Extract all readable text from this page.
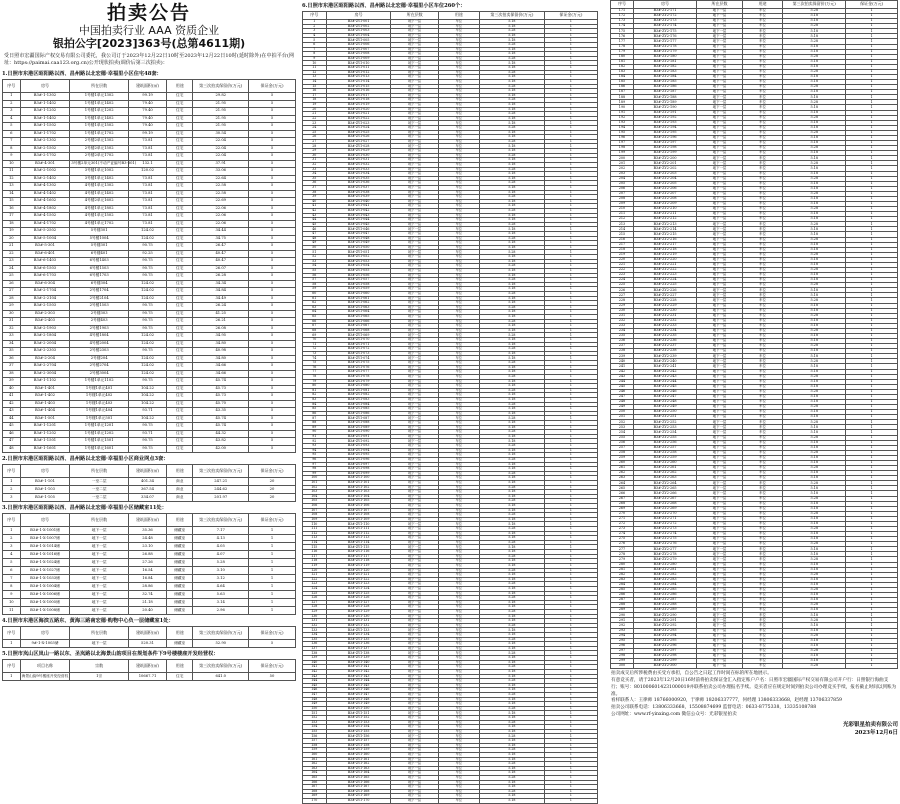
拍卖公告
中国拍卖行业 AAA 资质企业
银拍公字[2023]363号(总第4611期)
受日照市宏疆国际产权交易有限公司委托，我公司订于2023年12月22日10时至2023年12月22日10时(延时除外)在中拍平台(网址：https://paimai.caa123.org.cn)公开现状拍卖(调价后第三次拍卖)：
1.日照市东港区昭阳路以西、昌州路以北宏德·幸福里小区住宅48套：
序号	房号	所在层数	建筑面积(㎡)	用途	第三次拍卖保留价(万元)	保证金(万元)
1	B3#-1-1302	1号楼1单元1302	99.19	住宅	29.82	5
2	B3#-1-1402	1号楼1单元1402	79.40	住宅	21.95	5
3	B3#-1-1202	1号楼1单元1202	79.40	住宅	21.95	5
4	B3#-1-1402	1号楼1单元1402	79.40	住宅	21.95	5
5	B3#-1-1502	1号楼1单元1502	79.40	住宅	21.95	5
6	B3#-1-1702	1号楼1单元1702	99.19	住宅	30.54	5
7	B3#-2-1302	2号楼2单元1302	73.81	住宅	22.04	5
8	B3#-2-1502	2号楼2单元1502	73.81	住宅	22.04	5
9	B3#-2-1702	2号楼2单元1702	73.81	住宅	22.04	5
10	B3#-4-301	3号楼2单元301(不动产证编号B3-301)	132.1	住宅	37.91	5
11	B3#-2-1002	3号楼1单元1002	120.02	住宅	33.06	5
12	B3#-2-1402	3号楼1单元1402	73.81	住宅	22.64	5
13	B3#-4-1302	4号楼1单元1302	73.81	住宅	22.58	5
14	B3#-4-1402	4号楼1单元1402	73.81	住宅	22.58	5
15	B3#-4-1602	4号楼2单元1602	73.81	住宅	22.69	5
16	B3#-4-1802	4号楼1单元1802	73.81	住宅	22.06	5
17	B3#-4-1502	4号楼1单元1502	73.81	住宅	22.06	5
18	B3#-4-1702	4号楼1单元1702	73.81	住宅	22.06	5
19	B3#-5-2502	5号楼301	124.02	住宅	34.44	5
20	B3#-5-1004	5号楼1004	124.02	住宅	34.75	5
21	B3#-5-301	5号楼301	90.75	住宅	26.47	5
22	B3#-6-401	6号楼401	92.25	住宅	40.47	5
23	B3#-6-1403	6号楼1403	90.75	住宅	40.47	5
24	B3#-6-1503	6号楼1503	90.75	住宅	26.07	5
25	B3#-6-1703	6号楼1703	90.75	住宅	26.28	5
26	B3#-6-304	6号楼304	124.02	住宅	34.34	5
27	B3#-2-1704	2号楼1704	124.02	住宅	34.84	5
28	B3#-2-2104	2号楼2104	124.02	住宅	34.49	5
29	B3#-2-1503	2号楼1503	90.75	住宅	26.24	5
30	B3#-2-303	2号楼303	90.75	住宅	41.25	5
31	B3#-2-403	2号楼403	90.75	住宅	26.21	5
32	B3#-2-1903	2号楼1903	90.75	住宅	26.08	5
33	B3#-2-1804	4号楼1804	124.02	住宅	34.95	5
34	B3#-2-2004	4号楼2004	124.02	住宅	34.80	5
35	B3#-2-2303	2号楼2303	90.75	住宅	40.98	5
36	B3#-2-204	2号楼204	124.02	住宅	34.80	5
37	B3#-2-2704	2号楼2704	124.02	住宅	34.66	5
38	B3#-2-3004	2号楼3004	124.02	住宅	34.66	5
39	B3#-1-1102	1号楼1单元1102	90.75	住宅	45.74	5
40	B3#-1-401	1号楼1单元401	104.22	住宅	45.73	5
41	B3#-1-402	1号楼1单元402	104.22	住宅	45.73	5
42	B3#-1-403	1号楼1单元403	104.22	住宅	45.70	5
43	B3#-1-404	1号楼1单元404	93.71	住宅	43.35	5
44	B3#-1-501	1号楼1单元501	104.22	住宅	45.74	5
45	B3#-1-1201	1号楼1单元1201	90.75	住宅	45.74	5
46	B3#-1-1202	1号楼1单元1202	93.71	住宅	44.32	5
47	B3#-1-1501	1号楼1单元1501	90.75	住宅	43.82	5
48	B3#-1-1601	1号楼1单元1601	90.75	住宅	42.00	5
2.日照市东港区昭阳路以西、昌州路以北宏德·幸福里小区商业网点3套：
序号	房号	所在层数	建筑面积(㎡)	用途	第三次拍卖保留价(万元)	保证金(万元)
1	B3#-1-101	一至二层	401.34	商业	247.21	20
2	B3#-1-103	一至二层	367.54	商业	244.62	20
3	B3#-1-105	一至二层	334.07	商业	201.97	20
3.日照市东港区昭阳路以西、昌州路以北宏德·幸福里小区储藏室11处：
序号	房号	所在层数	建筑面积(㎡)	用途	第三次拍卖保留价(万元)	保证金(万元)
1	B3#-1-X-1001储	地下一层	35.36	储藏室	7.17	1
2	B3#-1-X-1007储	地下一层	24.48	储藏室	4.13	1
3	B3#-1-X-1014储	地下一层	23.10	储藏室	4.05	1
4	B3#-1-X-1016储	地下一层	26.88	储藏室	4.07	1
5	B3#-1-X-1024储	地下一层	27.26	储藏室	5.28	1
6	B3#-1-X-1027储	地下一层	16.54	储藏室	3.10	1
7	B3#-1-X-1033储	地下一层	16.84	储藏室	3.12	1
8	B3#-1-X-1004储	地下一层	28.86	储藏室	4.64	1
9	B3#-1-X-1006储	地下一层	32.74	储藏室	5.63	1
10	B3#-1-X-1005储	地下一层	21.18	储藏室	3.14	1
11	B3#-1-X-1008储	地下一层	20.40	储藏室	2.96	1
4.日照市东港区海滨五路东、黄海三路南宏德·购物中心负一层储藏室1处：
序号	房号	所在层数	建筑面积(㎡)	用途	第三次拍卖保留价(万元)	保证金(万元)
1	9#-1-X-1003储	地下一层	520.31	储藏室	52.90	5
5.日照市岚山区岚山一路以东、圣岚路以北海景山韵项目在规划条件下9号楼楼座开发经营权：
序号	项目名称	宗数	建筑面积(㎡)	用途	第三次拍卖保留价(万元)	保证金(万元)
1	海景山韵9号楼座开发经营权	1宗	10667.71	住宅	641.0	50
6.日照市东港区昭阳路以西、昌州路以北宏德·幸福里小区车位260个：
序号	房号	所在层数	用途	第三次拍卖保留价(万元)	保证金(万元)
1	B3#-ZY1-001	地下一层	车位	5.18	1
2	B3#-ZY1-002	地下一层	车位	5.18	1
3	B3#-ZY1-003	地下一层	车位	5.28	1
4	B3#-ZY1-004	地下一层	车位	5.18	1
5	B3#-ZY1-005	地下一层	车位	5.18	1
6	B3#-ZY1-006	地下一层	车位	5.28	1
7	B3#-ZY1-007	地下一层	车位	5.18	1
8	B3#-ZY1-008	地下一层	车位	5.18	1
9	B3#-ZY1-009	地下一层	车位	5.28	1
10	B3#-ZY1-010	地下一层	车位	5.18	1
11	B3#-ZY1-011	地下一层	车位	5.18	1
12	B3#-ZY1-012	地下一层	车位	5.28	1
13	B3#-ZY1-013	地下一层	车位	5.18	1
14	B3#-ZY1-014	地下一层	车位	5.18	1
15	B3#-ZY1-015	地下一层	车位	5.28	1
16	B3#-ZY1-016	地下一层	车位	5.18	1
17	B3#-ZY1-017	地下一层	车位	5.18	1
18	B3#-ZY1-018	地下一层	车位	5.28	1
19	B3#-ZY1-019	地下一层	车位	5.18	1
20	B3#-ZY1-020	地下一层	车位	5.18	1
21	B3#-ZY1-021	地下一层	车位	5.28	1
22	B3#-ZY1-022	地下一层	车位	5.18	1
23	B3#-ZY1-023	地下一层	车位	5.18	1
24	B3#-ZY1-024	地下一层	车位	5.28	1
25	B3#-ZY1-025	地下一层	车位	5.18	1
26	B3#-ZY1-026	地下一层	车位	5.18	1
27	B3#-ZY1-027	地下一层	车位	5.28	1
28	B3#-ZY1-028	地下一层	车位	5.18	1
29	B3#-ZY1-029	地下一层	车位	5.18	1
30	B3#-ZY1-030	地下一层	车位	5.28	1
31	B3#-ZY1-031	地下一层	车位	5.18	1
32	B3#-ZY1-032	地下一层	车位	5.18	1
33	B3#-ZY1-033	地下一层	车位	5.28	1
34	B3#-ZY1-034	地下一层	车位	5.18	1
35	B3#-ZY1-035	地下一层	车位	5.18	1
36	B3#-ZY1-036	地下一层	车位	5.28	1
37	B3#-ZY1-037	地下一层	车位	5.18	1
38	B3#-ZY1-038	地下一层	车位	5.18	1
39	B3#-ZY1-039	地下一层	车位	5.28	1
40	B3#-ZY1-040	地下一层	车位	5.18	1
41	B3#-ZY1-041	地下一层	车位	5.18	1
42	B3#-ZY1-042	地下一层	车位	5.28	1
43	B3#-ZY1-043	地下一层	车位	5.18	1
44	B3#-ZY1-044	地下一层	车位	5.18	1
45	B3#-ZY1-045	地下一层	车位	5.28	1
46	B3#-ZY1-046	地下一层	车位	5.18	1
47	B3#-ZY1-047	地下一层	车位	5.18	1
48	B3#-ZY1-048	地下一层	车位	5.28	1
49	B3#-ZY1-049	地下一层	车位	5.18	1
50	B3#-ZY1-050	地下一层	车位	5.18	1
51	B3#-ZY1-051	地下一层	车位	5.28	1
52	B3#-ZY1-052	地下一层	车位	5.18	1
53	B3#-ZY1-053	地下一层	车位	5.18	1
54	B3#-ZY1-054	地下一层	车位	5.28	1
55	B3#-ZY1-055	地下一层	车位	5.18	1
56	B3#-ZY1-056	地下一层	车位	5.18	1
57	B3#-ZY1-057	地下一层	车位	5.28	1
58	B3#-ZY1-058	地下一层	车位	5.18	1
59	B3#-ZY1-059	地下一层	车位	5.18	1
60	B3#-ZY1-060	地下一层	车位	5.28	1
61	B3#-ZY1-061	地下一层	车位	5.18	1
62	B3#-ZY1-062	地下一层	车位	5.18	1
63	B3#-ZY1-063	地下一层	车位	5.28	1
64	B3#-ZY1-064	地下一层	车位	5.18	1
65	B3#-ZY1-065	地下一层	车位	5.18	1
66	B3#-ZY1-066	地下一层	车位	5.28	1
67	B3#-ZY1-067	地下一层	车位	5.18	1
68	B3#-ZY1-068	地下一层	车位	5.18	1
69	B3#-ZY1-069	地下一层	车位	5.28	1
70	B3#-ZY1-070	地下一层	车位	5.18	1
71	B3#-ZY1-071	地下一层	车位	5.18	1
72	B3#-ZY1-072	地下一层	车位	5.28	1
73	B3#-ZY1-073	地下一层	车位	5.18	1
74	B3#-ZY1-074	地下一层	车位	5.18	1
75	B3#-ZY1-075	地下一层	车位	5.28	1
76	B3#-ZY1-076	地下一层	车位	5.18	1
77	B3#-ZY1-077	地下一层	车位	5.18	1
78	B3#-ZY1-078	地下一层	车位	5.28	1
79	B3#-ZY1-079	地下一层	车位	5.18	1
80	B3#-ZY1-080	地下一层	车位	5.18	1
81	B3#-ZY1-081	地下一层	车位	5.28	1
82	B3#-ZY1-082	地下一层	车位	5.18	1
83	B3#-ZY1-083	地下一层	车位	5.18	1
84	B3#-ZY1-084	地下一层	车位	5.28	1
85	B3#-ZY1-085	地下一层	车位	5.18	1
86	B3#-ZY1-086	地下一层	车位	5.18	1
87	B3#-ZY1-087	地下一层	车位	5.28	1
88	B3#-ZY1-088	地下一层	车位	5.18	1
89	B3#-ZY1-089	地下一层	车位	5.18	1
90	B3#-ZY1-090	地下一层	车位	5.28	1
91	B3#-ZY1-091	地下一层	车位	5.18	1
92	B3#-ZY1-092	地下一层	车位	5.18	1
93	B3#-ZY1-093	地下一层	车位	5.28	1
94	B3#-ZY1-094	地下一层	车位	5.18	1
95	B3#-ZY1-095	地下一层	车位	5.18	1
96	B3#-ZY1-096	地下一层	车位	5.28	1
97	B3#-ZY1-097	地下一层	车位	5.18	1
98	B3#-ZY1-098	地下一层	车位	5.18	1
99	B3#-ZY1-099	地下一层	车位	5.28	1
100	B3#-ZY1-100	地下一层	车位	5.18	1
101	B3#-ZY1-101	地下一层	车位	5.18	1
102	B3#-ZY1-102	地下一层	车位	5.28	1
103	B3#-ZY1-103	地下一层	车位	5.18	1
104	B3#-ZY1-104	地下一层	车位	5.18	1
105	B3#-ZY1-105	地下一层	车位	5.28	1
106	B3#-ZY1-106	地下一层	车位	5.18	1
107	B3#-ZY1-107	地下一层	车位	5.18	1
108	B3#-ZY1-108	地下一层	车位	5.28	1
109	B3#-ZY1-109	地下一层	车位	5.18	1
110	B3#-ZY1-110	地下一层	车位	5.18	1
111	B3#-ZY1-111	地下一层	车位	5.28	1
112	B3#-ZY1-112	地下一层	车位	5.18	1
113	B3#-ZY1-113	地下一层	车位	5.18	1
114	B3#-ZY1-114	地下一层	车位	5.28	1
115	B3#-ZY1-115	地下一层	车位	5.18	1
116	B3#-ZY1-116	地下一层	车位	5.18	1
117	B3#-ZY1-117	地下一层	车位	5.28	1
118	B3#-ZY1-118	地下一层	车位	5.18	1
119	B3#-ZY1-119	地下一层	车位	5.18	1
120	B3#-ZY1-120	地下一层	车位	5.28	1
121	B3#-ZY1-121	地下一层	车位	5.18	1
122	B3#-ZY1-122	地下一层	车位	5.18	1
123	B3#-ZY1-123	地下一层	车位	5.28	1
124	B3#-ZY1-124	地下一层	车位	5.18	1
125	B3#-ZY1-125	地下一层	车位	5.18	1
126	B3#-ZY1-126	地下一层	车位	5.28	1
127	B3#-ZY1-127	地下一层	车位	5.18	1
128	B3#-ZY1-128	地下一层	车位	5.18	1
129	B3#-ZY1-129	地下一层	车位	5.28	1
130	B3#-ZY1-130	地下一层	车位	5.18	1
131	B3#-ZY1-131	地下一层	车位	5.18	1
132	B3#-ZY1-132	地下一层	车位	5.28	1
133	B3#-ZY1-133	地下一层	车位	5.18	1
134	B3#-ZY1-134	地下一层	车位	5.18	1
135	B3#-ZY1-135	地下一层	车位	5.28	1
136	B3#-ZY1-136	地下一层	车位	5.18	1
137	B3#-ZY1-137	地下一层	车位	5.18	1
138	B3#-ZY1-138	地下一层	车位	5.28	1
139	B3#-ZY1-139	地下一层	车位	5.18	1
140	B3#-ZY1-140	地下一层	车位	5.18	1
141	B3#-ZY1-141	地下一层	车位	5.28	1
142	B3#-ZY1-142	地下一层	车位	5.18	1
143	B3#-ZY1-143	地下一层	车位	5.18	1
144	B3#-ZY1-144	地下一层	车位	5.28	1
145	B3#-ZY1-145	地下一层	车位	5.18	1
146	B3#-ZY1-146	地下一层	车位	5.18	1
147	B3#-ZY1-147	地下一层	车位	5.28	1
148	B3#-ZY1-148	地下一层	车位	5.18	1
149	B3#-ZY1-149	地下一层	车位	5.18	1
150	B3#-ZY1-150	地下一层	车位	5.28	1
151	B3#-ZY1-151	地下一层	车位	5.18	1
152	B3#-ZY1-152	地下一层	车位	5.18	1
153	B3#-ZY1-153	地下一层	车位	5.28	1
154	B3#-ZY1-154	地下一层	车位	5.18	1
155	B3#-ZY1-155	地下一层	车位	5.18	1
156	B3#-ZY1-156	地下一层	车位	5.28	1
157	B3#-ZY1-157	地下一层	车位	5.18	1
158	B3#-ZY1-158	地下一层	车位	5.18	1
159	B3#-ZY1-159	地下一层	车位	5.28	1
160	B3#-ZY1-160	地下一层	车位	5.18	1
161	B3#-ZY1-161	地下一层	车位	5.18	1
162	B3#-ZY1-162	地下一层	车位	5.28	1
163	B3#-ZY1-163	地下一层	车位	5.18	1
164	B3#-ZY1-164	地下一层	车位	5.18	1
165	B3#-ZY1-165	地下一层	车位	5.28	1
166	B3#-ZY1-166	地下一层	车位	5.18	1
167	B3#-ZY1-167	地下一层	车位	5.18	1
168	B3#-ZY1-168	地下一层	车位	5.28	1
169	B3#-ZY1-169	地下一层	车位	5.18	1
170	B3#-ZY1-170	地下一层	车位	5.18	1
序号	房号	所在层数	用途	第三次拍卖保留价(万元)	保证金(万元)
171	B3#-ZY2-171	地下一层	车位	5.28	1
172	B3#-ZY2-172	地下一层	车位	5.18	1
173	B3#-ZY2-173	地下一层	车位	5.18	1
174	B3#-ZY2-174	地下一层	车位	5.28	1
175	B3#-ZY2-175	地下一层	车位	5.18	1
176	B3#-ZY2-176	地下一层	车位	5.18	1
177	B3#-ZY2-177	地下一层	车位	5.28	1
178	B3#-ZY2-178	地下一层	车位	5.18	1
179	B3#-ZY2-179	地下一层	车位	5.18	1
180	B3#-ZY2-180	地下一层	车位	5.28	1
181	B3#-ZY2-181	地下一层	车位	5.18	1
182	B3#-ZY2-182	地下一层	车位	5.18	1
183	B3#-ZY2-183	地下一层	车位	5.28	1
184	B3#-ZY2-184	地下一层	车位	5.18	1
185	B3#-ZY2-185	地下一层	车位	5.18	1
186	B3#-ZY2-186	地下一层	车位	5.28	1
187	B3#-ZY2-187	地下一层	车位	5.18	1
188	B3#-ZY2-188	地下一层	车位	5.18	1
189	B3#-ZY2-189	地下一层	车位	5.28	1
190	B3#-ZY2-190	地下一层	车位	5.18	1
191	B3#-ZY2-191	地下一层	车位	5.18	1
192	B3#-ZY2-192	地下一层	车位	5.28	1
193	B3#-ZY2-193	地下一层	车位	5.18	1
194	B3#-ZY2-194	地下一层	车位	5.18	1
195	B3#-ZY2-195	地下一层	车位	5.28	1
196	B3#-ZY2-196	地下一层	车位	5.18	1
197	B3#-ZY2-197	地下一层	车位	5.18	1
198	B3#-ZY2-198	地下一层	车位	5.28	1
199	B3#-ZY2-199	地下一层	车位	5.18	1
200	B3#-ZY2-200	地下一层	车位	5.18	1
201	B3#-ZY2-201	地下一层	车位	5.28	1
202	B3#-ZY2-202	地下一层	车位	5.18	1
203	B3#-ZY2-203	地下一层	车位	5.18	1
204	B3#-ZY2-204	地下一层	车位	5.28	1
205	B3#-ZY2-205	地下一层	车位	5.18	1
206	B3#-ZY2-206	地下一层	车位	5.18	1
207	B3#-ZY2-207	地下一层	车位	5.28	1
208	B3#-ZY2-208	地下一层	车位	5.18	1
209	B3#-ZY2-209	地下一层	车位	5.18	1
210	B3#-ZY2-210	地下一层	车位	5.28	1
211	B3#-ZY2-211	地下一层	车位	5.18	1
212	B3#-ZY2-212	地下一层	车位	5.18	1
213	B3#-ZY2-213	地下一层	车位	5.28	1
214	B3#-ZY2-214	地下一层	车位	5.18	1
215	B3#-ZY2-215	地下一层	车位	5.18	1
216	B3#-ZY2-216	地下一层	车位	5.28	1
217	B3#-ZY2-217	地下一层	车位	5.18	1
218	B3#-ZY2-218	地下一层	车位	5.18	1
219	B3#-ZY2-219	地下一层	车位	5.28	1
220	B3#-ZY2-220	地下一层	车位	5.18	1
221	B3#-ZY2-221	地下一层	车位	5.18	1
222	B3#-ZY2-222	地下一层	车位	5.28	1
223	B3#-ZY2-223	地下一层	车位	5.18	1
224	B3#-ZY2-224	地下一层	车位	5.18	1
225	B3#-ZY2-225	地下一层	车位	5.28	1
226	B3#-ZY2-226	地下一层	车位	5.18	1
227	B3#-ZY2-227	地下一层	车位	5.18	1
228	B3#-ZY2-228	地下一层	车位	5.28	1
229	B3#-ZY2-229	地下一层	车位	5.18	1
230	B3#-ZY2-230	地下一层	车位	5.18	1
231	B3#-ZY2-231	地下一层	车位	5.28	1
232	B3#-ZY2-232	地下一层	车位	5.18	1
233	B3#-ZY2-233	地下一层	车位	5.18	1
234	B3#-ZY2-234	地下一层	车位	5.28	1
235	B3#-ZY2-235	地下一层	车位	5.18	1
236	B3#-ZY2-236	地下一层	车位	5.18	1
237	B3#-ZY2-237	地下一层	车位	5.28	1
238	B3#-ZY2-238	地下一层	车位	5.18	1
239	B3#-ZY2-239	地下一层	车位	5.18	1
240	B3#-ZY2-240	地下一层	车位	5.28	1
241	B3#-ZY2-241	地下一层	车位	5.18	1
242	B3#-ZY2-242	地下一层	车位	5.18	1
243	B3#-ZY2-243	地下一层	车位	5.28	1
244	B3#-ZY2-244	地下一层	车位	5.18	1
245	B3#-ZY2-245	地下一层	车位	5.18	1
246	B3#-ZY2-246	地下一层	车位	5.28	1
247	B3#-ZY2-247	地下一层	车位	5.18	1
248	B3#-ZY2-248	地下一层	车位	5.18	1
249	B3#-ZY2-249	地下一层	车位	5.28	1
250	B3#-ZY2-250	地下一层	车位	5.18	1
251	B3#-ZY2-251	地下一层	车位	5.18	1
252	B3#-ZY2-252	地下一层	车位	5.28	1
253	B3#-ZY2-253	地下一层	车位	5.18	1
254	B3#-ZY2-254	地下一层	车位	5.18	1
255	B3#-ZY2-255	地下一层	车位	5.28	1
256	B3#-ZY2-256	地下一层	车位	5.18	1
257	B3#-ZY2-257	地下一层	车位	5.18	1
258	B3#-ZY2-258	地下一层	车位	5.28	1
259	B3#-ZY2-259	地下一层	车位	5.18	1
260	B3#-ZY2-260	地下一层	车位	5.18	1
261	B3#-ZY2-261	地下一层	车位	5.28	1
262	B3#-ZY2-262	地下一层	车位	5.18	1
263	B3#-ZY2-263	地下一层	车位	5.18	1
264	B3#-ZY2-264	地下一层	车位	5.28	1
265	B3#-ZY2-265	地下一层	车位	5.18	1
266	B3#-ZY2-266	地下一层	车位	5.18	1
267	B3#-ZY2-267	地下一层	车位	5.28	1
268	B3#-ZY2-268	地下一层	车位	5.18	1
269	B3#-ZY2-269	地下一层	车位	5.18	1
270	B3#-ZY2-270	地下一层	车位	5.28	1
271	B3#-ZY2-271	地下一层	车位	5.18	1
272	B3#-ZY2-272	地下一层	车位	5.18	1
273	B3#-ZY2-273	地下一层	车位	5.28	1
274	B3#-ZY2-274	地下一层	车位	5.18	1
275	B3#-ZY2-275	地下一层	车位	5.18	1
276	B3#-ZY2-276	地下一层	车位	5.28	1
277	B3#-ZY2-277	地下一层	车位	5.18	1
278	B3#-ZY2-278	地下一层	车位	5.18	1
279	B3#-ZY2-279	地下一层	车位	5.28	1
280	B3#-ZY2-280	地下一层	车位	5.18	1
281	B3#-ZY2-281	地下一层	车位	5.18	1
282	B3#-ZY2-282	地下一层	车位	5.28	1
283	B3#-ZY2-283	地下一层	车位	5.18	1
284	B3#-ZY2-284	地下一层	车位	5.18	1
285	B3#-ZY2-285	地下一层	车位	5.28	1
286	B3#-ZY2-286	地下一层	车位	5.18	1
287	B3#-ZY2-287	地下一层	车位	5.18	1
288	B3#-ZY2-288	地下一层	车位	5.28	1
289	B3#-ZY2-289	地下一层	车位	5.18	1
290	B3#-ZY2-290	地下一层	车位	5.18	1
291	B3#-ZY2-291	地下一层	车位	5.28	1
292	B3#-ZY2-292	地下一层	车位	5.18	1
293	B3#-ZY2-293	地下一层	车位	5.18	1
294	B3#-ZY2-294	地下一层	车位	5.28	1
295	B3#-ZY2-295	地下一层	车位	5.18	1
296	B3#-ZY2-296	地下一层	车位	5.18	1
297	B3#-ZY2-297	地下一层	车位	5.28	1
298	B3#-ZY2-298	地下一层	车位	5.18	1
299	B3#-ZY2-299	地下一层	车位	5.18	1
300	B3#-ZY2-300	地下一层	车位	5.28	1
拍卖成交后所涉税费由买受方承担，自公告之日起工作时间在标的所在地展示。
有意竞买者，请于2023年12月20日16时前将拍卖保证金汇入指定账户户名：日照市宏疆国际产权交易有限公司开户行：日照银行海曲支行；账号：8010006014231000019并联系拍卖公司办理报名手续。竞买者应在规定时间到拍卖公司办理竞买手续，报名截止时间以到账为准。
看样联系人：王律师 18766000920，于律师 18206337777，何经理 13806333668，赵经理 13706337859
拍卖公司联系电话：13806333668，15508874699 监督电话：0633-8775338，13335108788
公司网址：www.rf-yinxing.com 微信公众号：光彩银星拍卖
光彩银星拍卖有限公司
2023年12月6日
